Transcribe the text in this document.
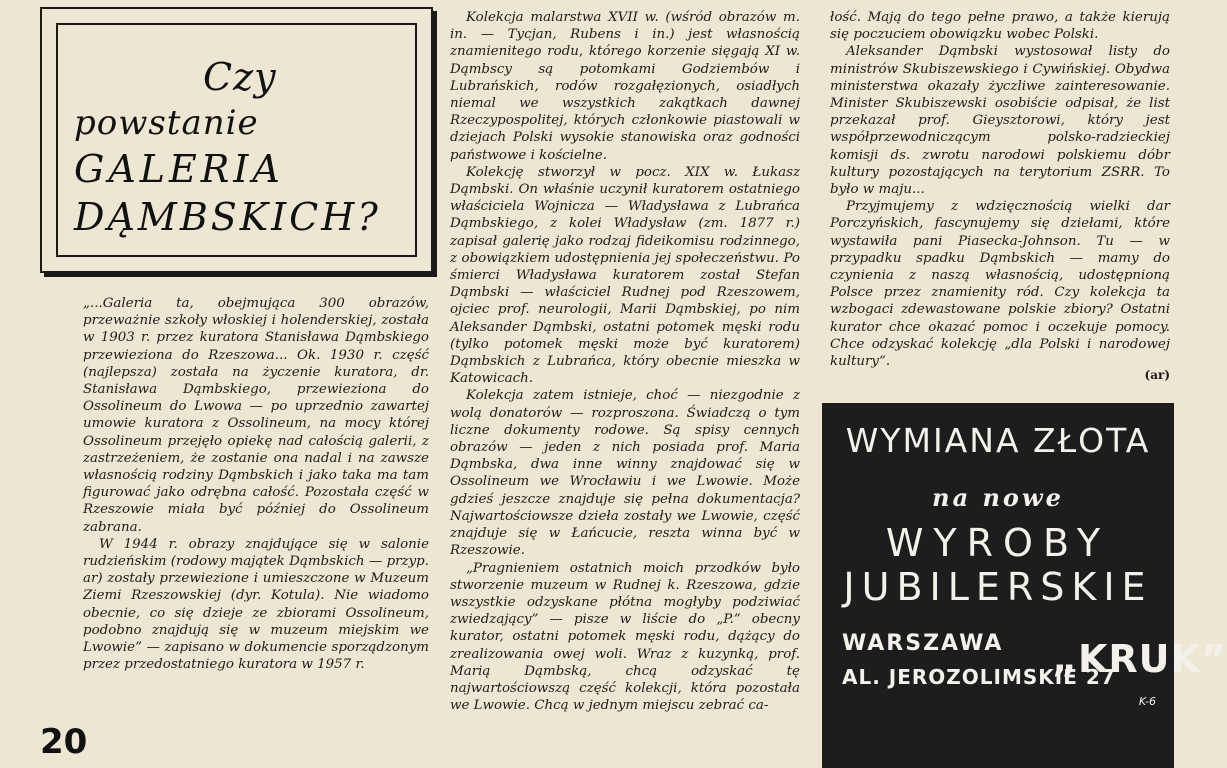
Czy
powstanie
GALERIA
DĄMBSKICH?

„...Galeria ta, obejmująca 300 obrazów, przeważnie szkoły włoskiej i holenderskiej, została w 1903 r. przez kuratora Stanisława Dąmbskiego przewieziona do Rzeszowa... Ok. 1930 r. część (najlepsza) została na życzenie kuratora, dr. Stanisława Dąmbskiego, przewieziona do Ossolineum do Lwowa — po uprzednio zawartej umowie kuratora z Ossolineum, na mocy której Ossolineum przejęło opiekę nad całością galerii, z zastrzeżeniem, że zostanie ona nadal i na zawsze własnością rodziny Dąmbskich i jako taka ma tam figurować jako odrębna całość. Pozostała część w Rzeszowie miała być później do Ossolineum zabrana.

W 1944 r. obrazy znajdujące się w salonie rudzieńskim (rodowy majątek Dąmbskich — przyp. ar) zostały przewiezione i umieszczone w Muzeum Ziemi Rzeszowskiej (dyr. Kotula). Nie wiadomo obecnie, co się dzieje ze zbiorami Ossolineum, podobno znajdują się w muzeum miejskim we Lwowie” — zapisano w dokumencie sporządzonym przez przedostatniego kuratora w 1957 r.

Kolekcja malarstwa XVII w. (wśród obrazów m. in. — Tycjan, Rubens i in.) jest własnością znamienitego rodu, którego korzenie sięgają XI w. Dąmbscy są potomkami Godziembów i Lubrańskich, rodów rozgałęzionych, osiadłych niemal we wszystkich zakątkach dawnej Rzeczypospolitej, których członkowie piastowali w dziejach Polski wysokie stanowiska oraz godności państwowe i kościelne.

Kolekcję stworzył w pocz. XIX w. Łukasz Dąmbski. On właśnie uczynił kuratorem ostatniego właściciela Wojnicza — Władysława z Lubrańca Dąmbskiego, z kolei Władysław (zm. 1877 r.) zapisał galerię jako rodzaj fideikomisu rodzinnego, z obowiązkiem udostępnienia jej społeczeństwu. Po śmierci Władysława kuratorem został Stefan Dąmbski — właściciel Rudnej pod Rzeszowem, ojciec prof. neurologii, Marii Dąmbskiej, po nim Aleksander Dąmbski, ostatni potomek męski rodu (tylko potomek męski może być kuratorem) Dąmbskich z Lubrańca, który obecnie mieszka w Katowicach.

Kolekcja zatem istnieje, choć — niezgodnie z wolą donatorów — rozproszona. Świadczą o tym liczne dokumenty rodowe. Są spisy cennych obrazów — jeden z nich posiada prof. Maria Dąmbska, dwa inne winny znajdować się w Ossolineum we Wrocławiu i we Lwowie. Może gdzieś jeszcze znajduje się pełna dokumentacja? Najwartościowsze dzieła zostały we Lwowie, część znajduje się w Łańcucie, reszta winna być w Rzeszowie.

„Pragnieniem ostatnich moich przodków było stworzenie muzeum w Rudnej k. Rzeszowa, gdzie wszystkie odzyskane płótna mogłyby podziwiać zwiedzający” — pisze w liście do „P.” obecny kurator, ostatni potomek męski rodu, dążący do zrealizowania owej woli. Wraz z kuzynką, prof. Marią Dąmbską, chcą odzyskać tę najwartościowszą część kolekcji, która pozostała we Lwowie. Chcą w jednym miejscu zebrać ca-

łość. Mają do tego pełne prawo, a także kierują się poczuciem obowiązku wobec Polski.

Aleksander Dąmbski wystosował listy do ministrów Skubiszewskiego i Cywińskiej. Obydwa ministerstwa okazały życzliwe zainteresowanie. Minister Skubiszewski osobiście odpisał, że list przekazał prof. Gieysztorowi, który jest współprzewodniczącym polsko-radzieckiej komisji ds. zwrotu narodowi polskiemu dóbr kultury pozostających na terytorium ZSRR. To było w maju...

Przyjmujemy z wdzięcznością wielki dar Porczyńskich, fascynujemy się dziełami, które wystawiła pani Piasecka-Johnson. Tu — w przypadku spadku Dąmbskich — mamy do czynienia z naszą własnością, udostępnioną Polsce przez znamienity ród. Czy kolekcja ta wzbogaci zdewastowane polskie zbiory? Ostatni kurator chce okazać pomoc i oczekuje pomocy. Chce odzyskać kolekcję „dla Polski i narodowej kultury”.

(ar)
20
WYMIANA ZŁOTA
na nowe
WYROBY
JUBILERSKIE
WARSZAWA
AL. JEROZOLIMSKIE 27
„KRUK”
K-6
